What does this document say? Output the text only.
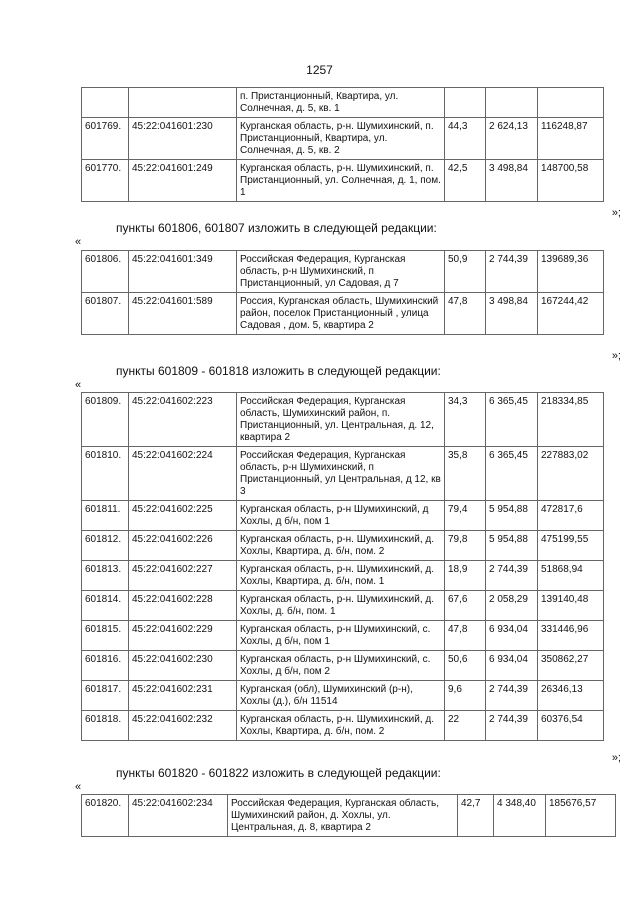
1257
		п. Пристанционный, Квартира, ул. Солнечная, д. 5, кв. 1			
601769.	45:22:041601:230	Курганская область, р-н. Шумихинский, п. Пристанционный, Квартира, ул. Солнечная, д. 5, кв. 2	44,3	2 624,13	116248,87
601770.	45:22:041601:249	Курганская область, р-н. Шумихинский, п. Пристанционный, ул. Солнечная, д. 1, пом. 1	42,5	3 498,84	148700,58
»;
пункты 601806, 601807 изложить в следующей редакции:
«
601806.	45:22:041601:349	Российская Федерация, Курганская область, р-н Шумихинский, п Пристанционный, ул Садовая, д 7	50,9	2 744,39	139689,36
601807.	45:22:041601:589	Россия, Курганская область, Шумихинский район, поселок Пристанционный , улица Садовая , дом. 5, квартира 2	47,8	3 498,84	167244,42
»;
пункты 601809 - 601818 изложить в следующей редакции:
«
601809.	45:22:041602:223	Российская Федерация, Курганская область, Шумихинский район, п. Пристанционный, ул. Центральная, д. 12, квартира 2	34,3	6 365,45	218334,85
601810.	45:22:041602:224	Российская Федерация, Курганская область, р-н Шумихинский, п Пристанционный, ул Центральная, д 12, кв 3	35,8	6 365,45	227883,02
601811.	45:22:041602:225	Курганская область, р-н Шумихинский, д Хохлы, д б/н, пом 1	79,4	5 954,88	472817,6
601812.	45:22:041602:226	Курганская область, р-н. Шумихинский, д. Хохлы, Квартира, д. б/н, пом. 2	79,8	5 954,88	475199,55
601813.	45:22:041602:227	Курганская область, р-н. Шумихинский, д. Хохлы, Квартира, д. б/н, пом. 1	18,9	2 744,39	51868,94
601814.	45:22:041602:228	Курганская область, р-н. Шумихинский, д. Хохлы, д. б/н, пом. 1	67,6	2 058,29	139140,48
601815.	45:22:041602:229	Курганская область, р-н Шумихинский, с. Хохлы, д б/н, пом 1	47,8	6 934,04	331446,96
601816.	45:22:041602:230	Курганская область, р-н Шумихинский, с. Хохлы, д б/н, пом 2	50,6	6 934,04	350862,27
601817.	45:22:041602:231	Курганская (обл), Шумихинский (р-н), Хохлы (д.), б/н 11514	9,6	2 744,39	26346,13
601818.	45:22:041602:232	Курганская область, р-н. Шумихинский, д. Хохлы, Квартира, д. б/н, пом. 2	22	2 744,39	60376,54
»;
пункты 601820 - 601822 изложить в следующей редакции:
«
601820.	45:22:041602:234	Российская Федерация, Курганская область, Шумихинский район, д. Хохлы, ул. Центральная, д. 8, квартира 2	42,7	4 348,40	185676,57
